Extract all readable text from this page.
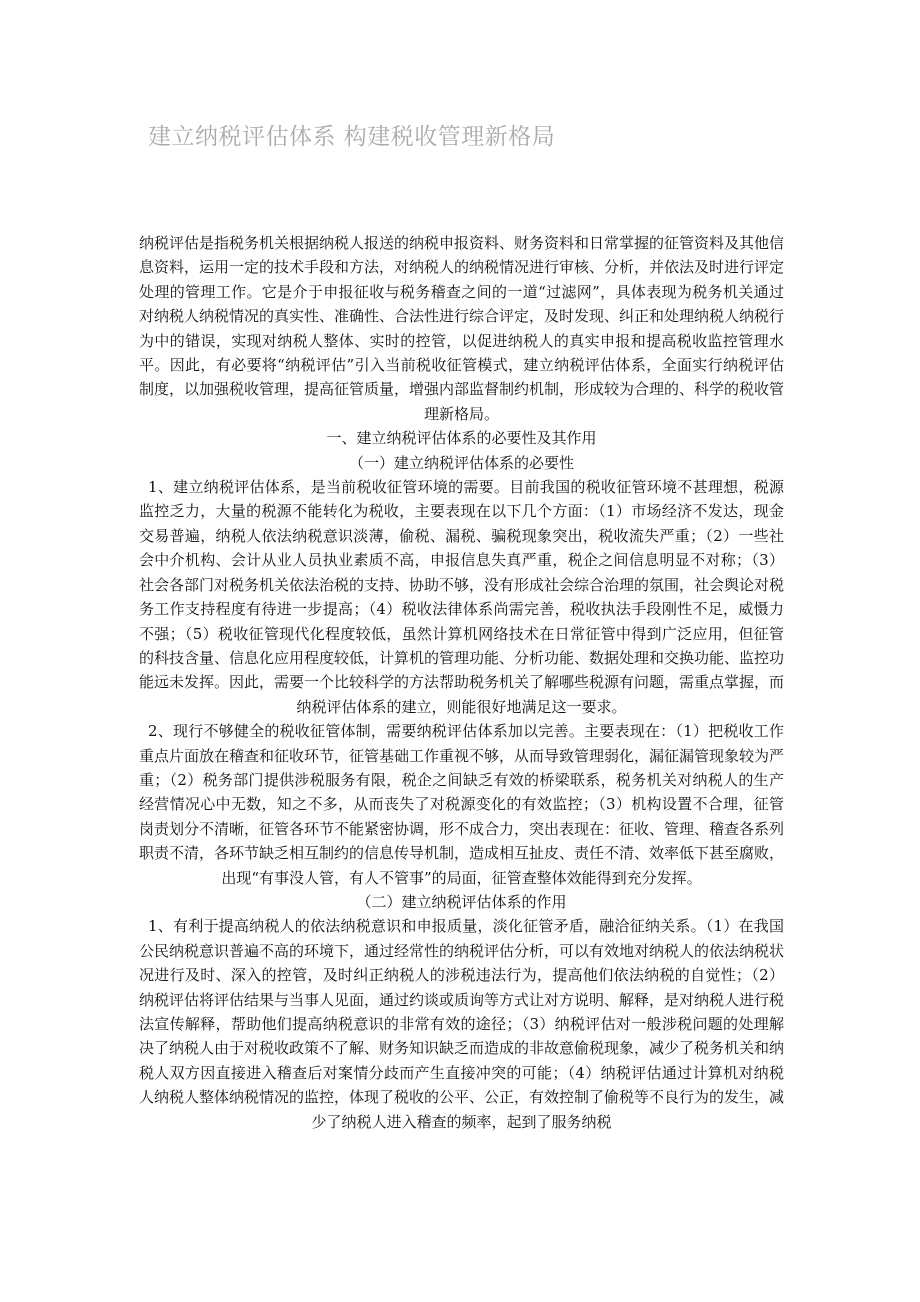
建立纳税评估体系 构建税收管理新格局

纳税评估是指税务机关根据纳税人报送的纳税申报资料、财务资料和日常掌握的征管资料及其他信息资料，运用一定的技术手段和方法，对纳税人的纳税情况进行审核、分析，并依法及时进行评定处理的管理工作。它是介于申报征收与税务稽查之间的一道“过滤网”，具体表现为税务机关通过对纳税人纳税情况的真实性、准确性、合法性进行综合评定，及时发现、纠正和处理纳税人纳税行为中的错误，实现对纳税人整体、实时的控管，以促进纳税人的真实申报和提高税收监控管理水平。因此，有必要将“纳税评估”引入当前税收征管模式，建立纳税评估体系，全面实行纳税评估制度，以加强税收管理，提高征管质量，增强内部监督制约机制，形成较为合理的、科学的税收管理新格局。

一、建立纳税评估体系的必要性及其作用

（一）建立纳税评估体系的必要性

1、建立纳税评估体系，是当前税收征管环境的需要。目前我国的税收征管环境不甚理想，税源监控乏力，大量的税源不能转化为税收，主要表现在以下几个方面：（1）市场经济不发达，现金交易普遍，纳税人依法纳税意识淡薄，偷税、漏税、骗税现象突出，税收流失严重；（2）一些社会中介机构、会计从业人员执业素质不高，申报信息失真严重，税企之间信息明显不对称；（3）社会各部门对税务机关依法治税的支持、协助不够，没有形成社会综合治理的氛围，社会舆论对税务工作支持程度有待进一步提高；（4）税收法律体系尚需完善，税收执法手段刚性不足，威慑力不强；（5）税收征管现代化程度较低，虽然计算机网络技术在日常征管中得到广泛应用，但征管的科技含量、信息化应用程度较低，计算机的管理功能、分析功能、数据处理和交换功能、监控功能远未发挥。因此，需要一个比较科学的方法帮助税务机关了解哪些税源有问题，需重点掌握，而纳税评估体系的建立，则能很好地满足这一要求。

2、现行不够健全的税收征管体制，需要纳税评估体系加以完善。主要表现在：（1）把税收工作重点片面放在稽查和征收环节，征管基础工作重视不够，从而导致管理弱化，漏征漏管现象较为严重；（2）税务部门提供涉税服务有限，税企之间缺乏有效的桥梁联系，税务机关对纳税人的生产经营情况心中无数，知之不多，从而丧失了对税源变化的有效监控；（3）机构设置不合理，征管岗责划分不清晰，征管各环节不能紧密协调，形不成合力，突出表现在：征收、管理、稽查各系列职责不清，各环节缺乏相互制约的信息传导机制，造成相互扯皮、责任不清、效率低下甚至腐败，出现“有事没人管，有人不管事”的局面，征管查整体效能得到充分发挥。

（二）建立纳税评估体系的作用

1、有利于提高纳税人的依法纳税意识和申报质量，淡化征管矛盾，融洽征纳关系。（1）在我国公民纳税意识普遍不高的环境下，通过经常性的纳税评估分析，可以有效地对纳税人的依法纳税状况进行及时、深入的控管，及时纠正纳税人的涉税违法行为，提高他们依法纳税的自觉性；（2）纳税评估将评估结果与当事人见面，通过约谈或质询等方式让对方说明、解释，是对纳税人进行税法宣传解释，帮助他们提高纳税意识的非常有效的途径；（3）纳税评估对一般涉税问题的处理解决了纳税人由于对税收政策不了解、财务知识缺乏而造成的非故意偷税现象，减少了税务机关和纳税人双方因直接进入稽查后对案情分歧而产生直接冲突的可能；（4）纳税评估通过计算机对纳税人纳税人整体纳税情况的监控，体现了税收的公平、公正，有效控制了偷税等不良行为的发生，减少了纳税人进入稽查的频率，起到了服务纳税
